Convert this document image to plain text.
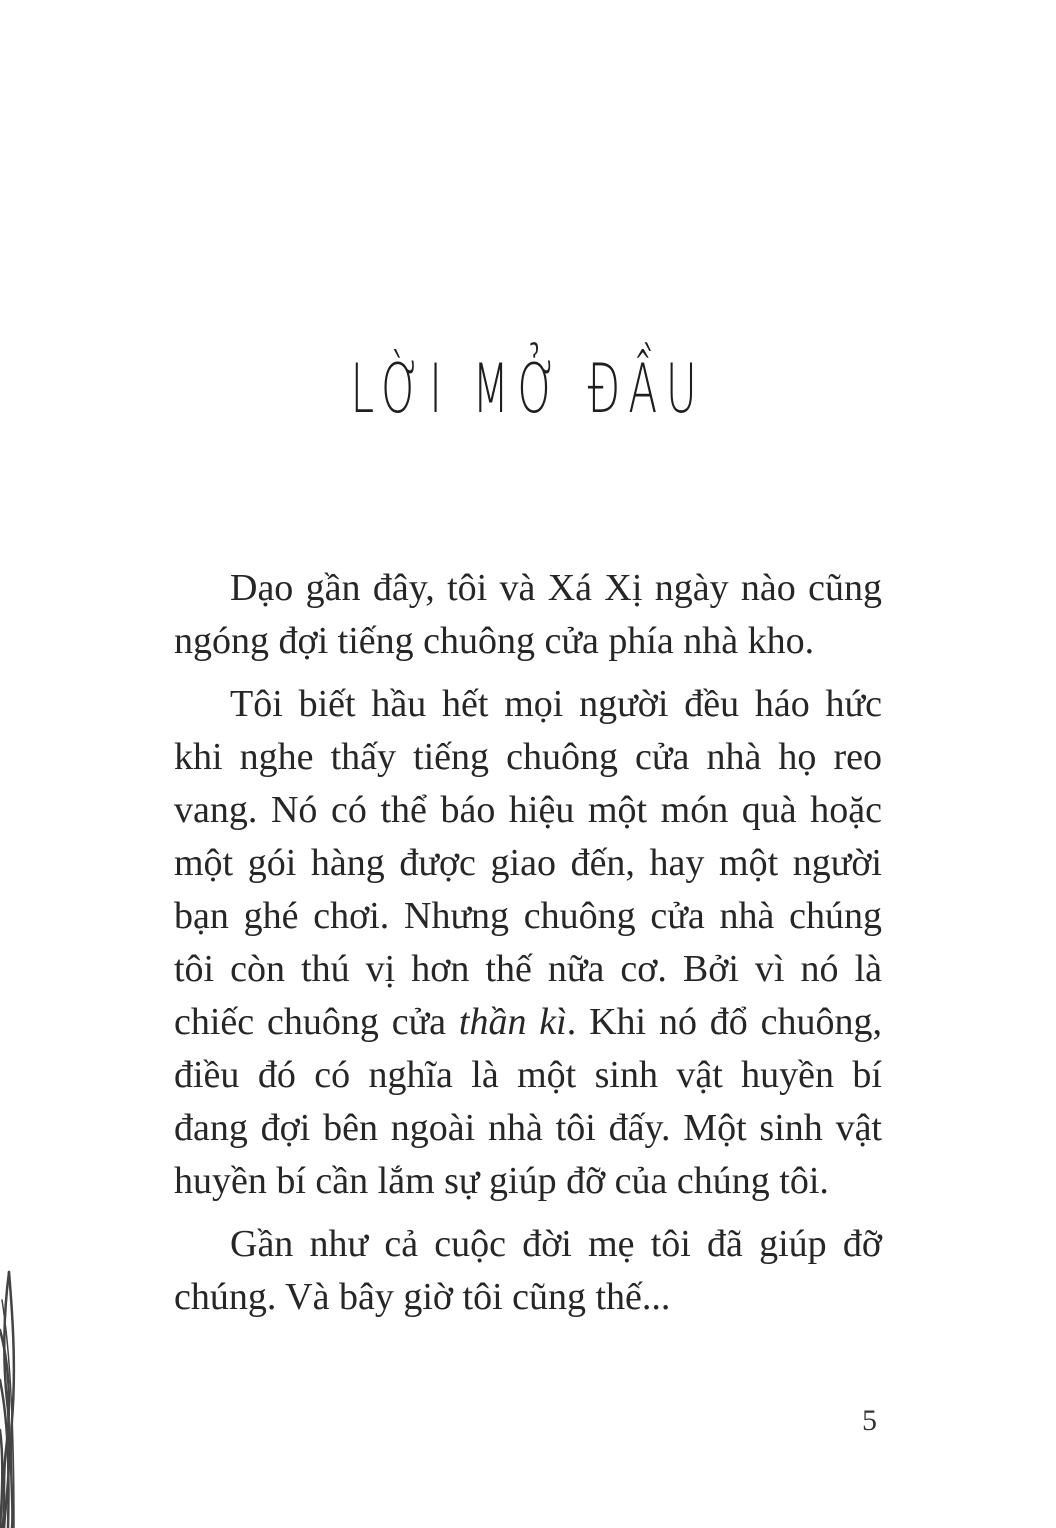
LỜI MỞ ĐẦU

Dạo gần đây, tôi và Xá Xị ngày nào cũng ngóng đợi tiếng chuông cửa phía nhà kho.

Tôi biết hầu hết mọi người đều háo hức khi nghe thấy tiếng chuông cửa nhà họ reo vang. Nó có thể báo hiệu một món quà hoặc một gói hàng được giao đến, hay một người bạn ghé chơi. Nhưng chuông cửa nhà chúng tôi còn thú vị hơn thế nữa cơ. Bởi vì nó là chiếc chuông cửa thần kì. Khi nó đổ chuông, điều đó có nghĩa là một sinh vật huyền bí đang đợi bên ngoài nhà tôi đấy. Một sinh vật huyền bí cần lắm sự giúp đỡ của chúng tôi.

Gần như cả cuộc đời mẹ tôi đã giúp đỡ chúng. Và bây giờ tôi cũng thế...

5
